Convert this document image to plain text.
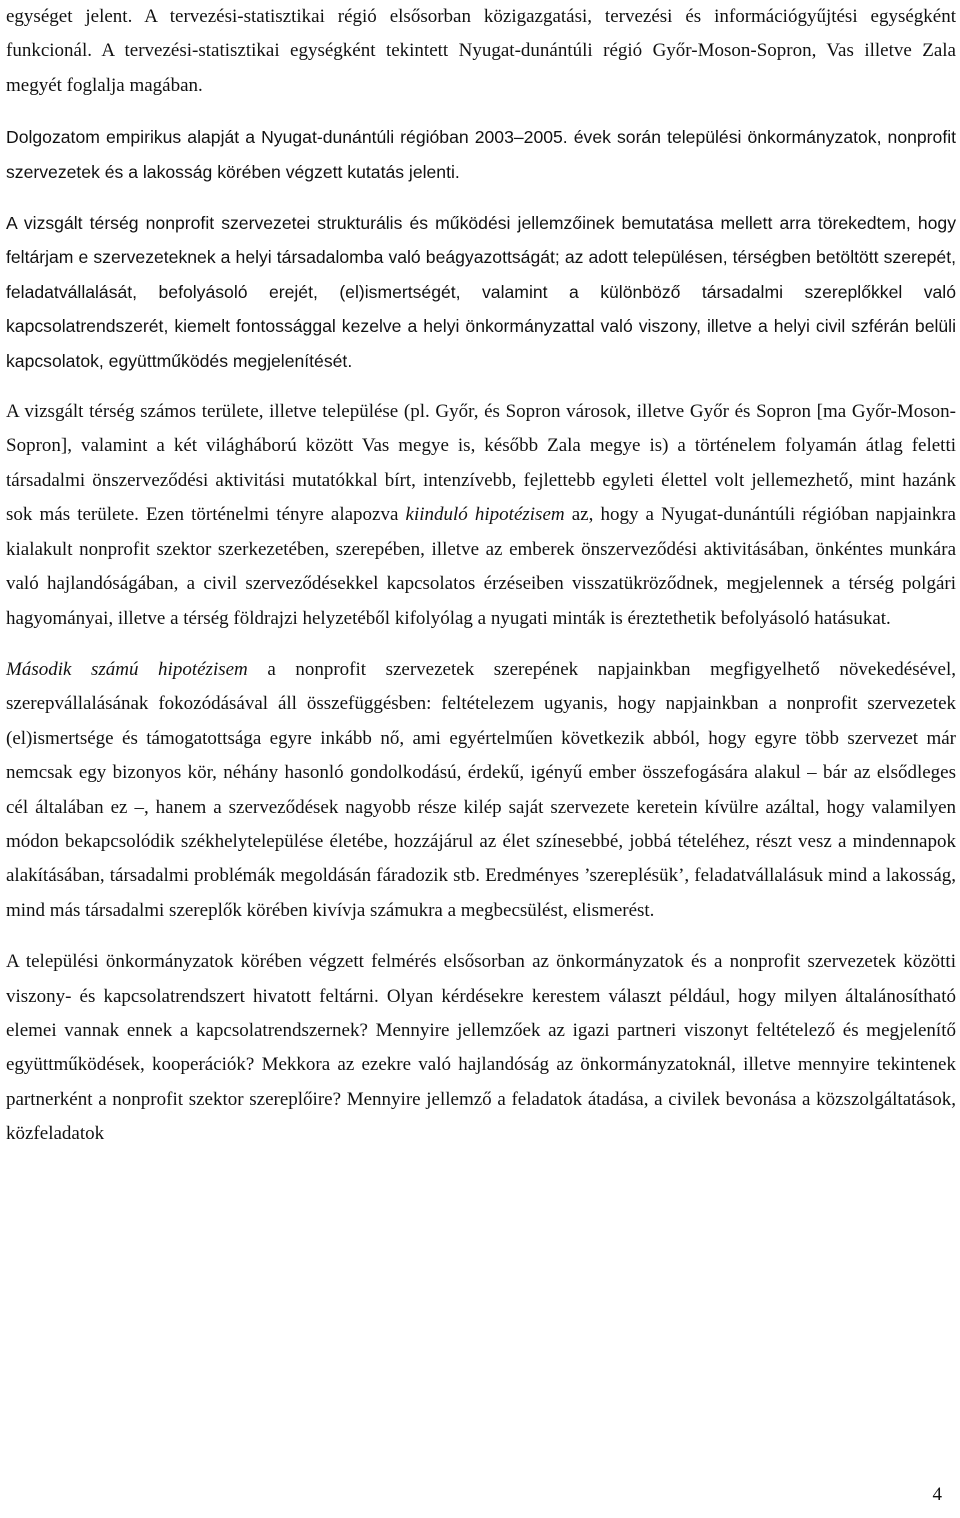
egységet jelent. A tervezési-statisztikai régió elsősorban közigazgatási, tervezési és információgyűjtési egységként funkcionál. A tervezési-statisztikai egységként tekintett Nyugat-dunántúli régió Győr-Moson-Sopron, Vas illetve Zala megyét foglalja magában.

Dolgozatom empirikus alapját a Nyugat-dunántúli régióban 2003–2005. évek során települési önkormányzatok, nonprofit szervezetek és a lakosság körében végzett kutatás jelenti.

A vizsgált térség nonprofit szervezetei strukturális és működési jellemzőinek bemutatása mellett arra törekedtem, hogy feltárjam e szervezeteknek a helyi társadalomba való beágyazottságát; az adott településen, térségben betöltött szerepét, feladatvállalását, befolyásoló erejét, (el)ismertségét, valamint a különböző társadalmi szereplőkkel való kapcsolatrendszerét, kiemelt fontossággal kezelve a helyi önkormányzattal való viszony, illetve a helyi civil szférán belüli kapcsolatok, együttműködés megjelenítését.

A vizsgált térség számos területe, illetve települése (pl. Győr, és Sopron városok, illetve Győr és Sopron [ma Győr-Moson-Sopron], valamint a két világháború között Vas megye is, később Zala megye is) a történelem folyamán átlag feletti társadalmi önszerveződési aktivitási mutatókkal bírt, intenzívebb, fejlettebb egyleti élettel volt jellemezhető, mint hazánk sok más területe. Ezen történelmi tényre alapozva kiinduló hipotézisem az, hogy a Nyugat-dunántúli régióban napjainkra kialakult nonprofit szektor szerkezetében, szerepében, illetve az emberek önszerveződési aktivitásában, önkéntes munkára való hajlandóságában, a civil szerveződésekkel kapcsolatos érzéseiben visszatükröződnek, megjelennek a térség polgári hagyományai, illetve a térség földrajzi helyzetéből kifolyólag a nyugati minták is éreztethetik befolyásoló hatásukat.

Második számú hipotézisem a nonprofit szervezetek szerepének napjainkban megfigyelhető növekedésével, szerepvállalásának fokozódásával áll összefüggésben: feltételezem ugyanis, hogy napjainkban a nonprofit szervezetek (el)ismertsége és támogatottsága egyre inkább nő, ami egyértelműen következik abból, hogy egyre több szervezet már nemcsak egy bizonyos kör, néhány hasonló gondolkodású, érdekű, igényű ember összefogására alakul – bár az elsődleges cél általában ez –, hanem a szerveződések nagyobb része kilép saját szervezete keretein kívülre azáltal, hogy valamilyen módon bekapcsolódik székhelytelepülése életébe, hozzájárul az élet színesebbé, jobbá tételéhez, részt vesz a mindennapok alakításában, társadalmi problémák megoldásán fáradozik stb. Eredményes ’szereplésük’, feladatvállalásuk mind a lakosság, mind más társadalmi szereplők körében kivívja számukra a megbecsülést, elismerést.

A települési önkormányzatok körében végzett felmérés elsősorban az önkormányzatok és a nonprofit szervezetek közötti viszony- és kapcsolatrendszert hivatott feltárni. Olyan kérdésekre kerestem választ például, hogy milyen általánosítható elemei vannak ennek a kapcsolatrendszernek? Mennyire jellemzőek az igazi partneri viszonyt feltételező és megjelenítő együttműködések, kooperációk? Mekkora az ezekre való hajlandóság az önkormányzatoknál, illetve mennyire tekintenek partnerként a nonprofit szektor szereplőire? Mennyire jellemző a feladatok átadása, a civilek bevonása a közszolgáltatások, közfeladatok

4
